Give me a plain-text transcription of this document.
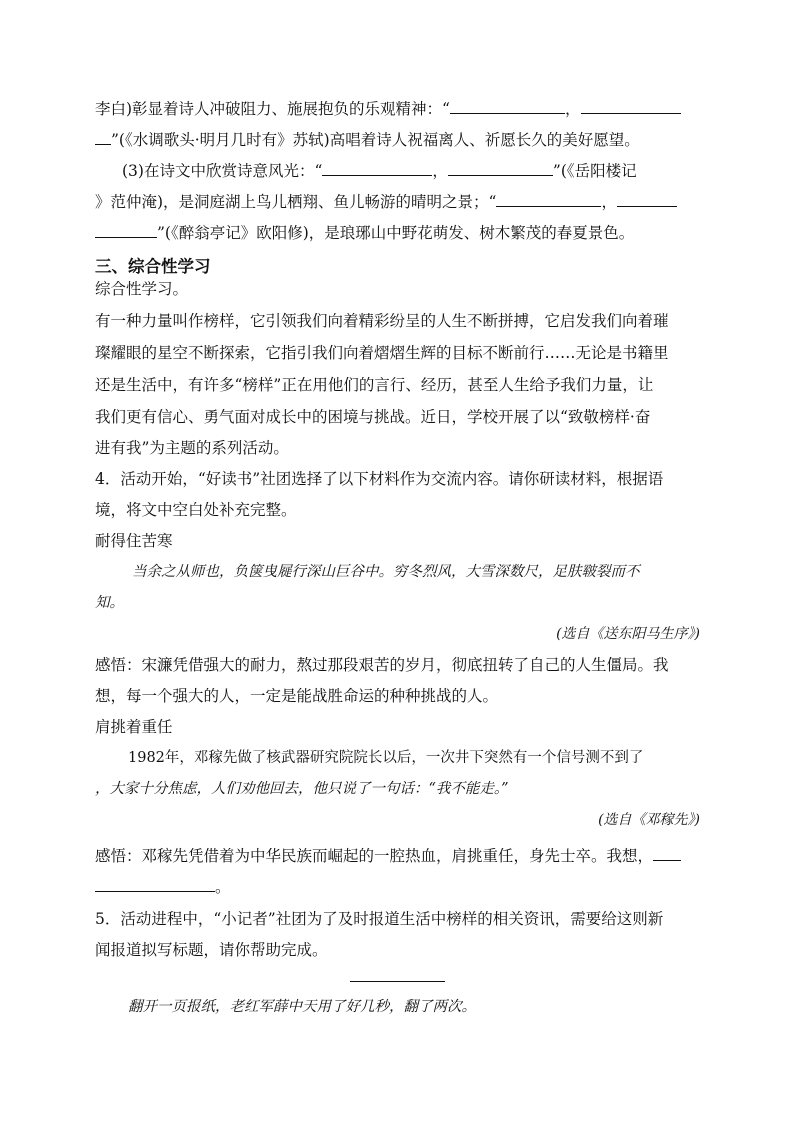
李白)彰显着诗人冲破阻力、施展抱负的乐观精神：“	，
”(《水调歌头·明月几时有》苏轼)高唱着诗人祝福离人、祈愿长久的美好愿望。
(3)在诗文中欣赏诗意风光：“	，	”(《岳阳楼记
》范仲淹)，是洞庭湖上鸟儿栖翔、鱼儿畅游的晴明之景；“	，
”(《醉翁亭记》欧阳修)，是琅琊山中野花萌发、树木繁茂的春夏景色。
三、综合性学习
综合性学习。
有一种力量叫作榜样，它引领我们向着精彩纷呈的人生不断拼搏，它启发我们向着璀
璨耀眼的星空不断探索，它指引我们向着熠熠生辉的目标不断前行……无论是书籍里
还是生活中，有许多“榜样”正在用他们的言行、经历，甚至人生给予我们力量，让
我们更有信心、勇气面对成长中的困境与挑战。近日，学校开展了以“致敬榜样·奋
进有我”为主题的系列活动。
4．活动开始，“好读书”社团选择了以下材料作为交流内容。请你研读材料，根据语
境，将文中空白处补充完整。
耐得住苦寒
当余之从师也，负箧曳屣行深山巨谷中。穷冬烈风，大雪深数尺，足肤皲裂而不
知。
(选自《送东阳马生序》)
感悟：宋濂凭借强大的耐力，熬过那段艰苦的岁月，彻底扭转了自己的人生僵局。我
想，每一个强大的人，一定是能战胜命运的种种挑战的人。
肩挑着重任
1982年，邓稼先做了核武器研究院院长以后，一次井下突然有一个信号测不到了
，大家十分焦虑，人们劝他回去，他只说了一句话：“我不能走。”
(选自《邓稼先》)
感悟：邓稼先凭借着为中华民族而崛起的一腔热血，肩挑重任，身先士卒。我想，
。
5．活动进程中，“小记者”社团为了及时报道生活中榜样的相关资讯，需要给这则新
闻报道拟写标题，请你帮助完成。
翻开一页报纸，老红军薛中天用了好几秒，翻了两次。
